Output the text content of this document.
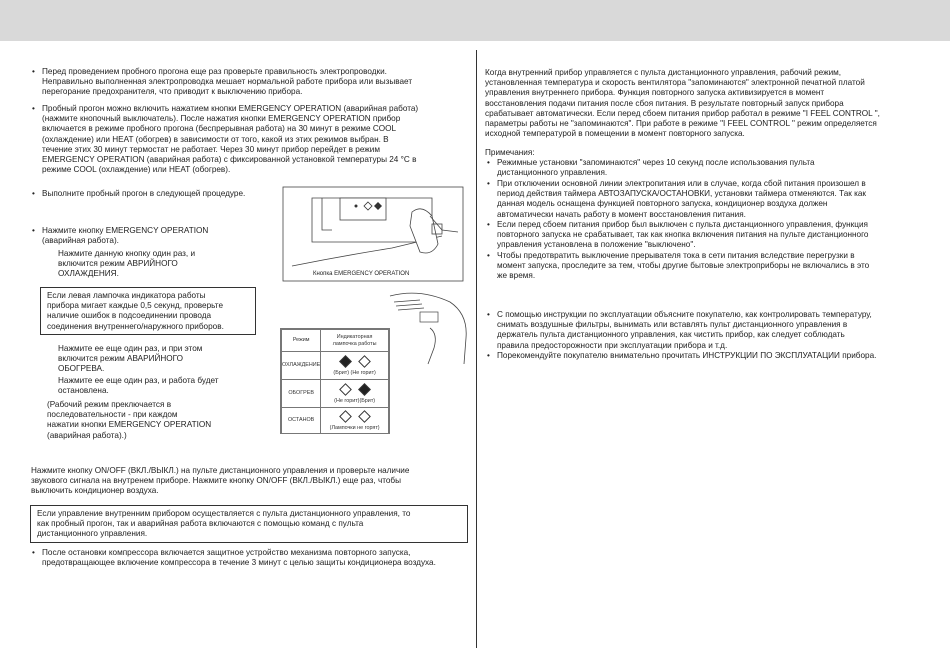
• Перед проведением пробного прогона еще раз проверьте правильность электропроводки.
Неправильно выполненная электропроводка мешает нормальной работе прибора или вызывает
перегорание предохранителя, что приводит к выключению прибора.
• Пробный прогон можно включить нажатием кнопки EMERGENCY OPERATION (аварийная работа)
(нажмите кнопочный выключатель). После нажатия кнопки EMERGENCY OPERATION прибор
включается в режиме пробного прогона (беспрерывная работа) на 30 минут в режиме COOL
(охлаждение) или HEAT (обогрев) в зависимости от того, какой из этих режимов выбран. В
течение этих 30 минут термостат не работает. Через 30 минут прибор перейдет в режим
EMERGENCY OPERATION (аварийная работа) с фиксированной установкой температуры 24 °С в
режиме COOL (охлаждение) или HEAT (обогрев).
• Выполните пробный прогон в следующей процедуре.
• Нажмите кнопку EMERGENCY OPERATION
(аварийная работа).
Нажмите данную кнопку один раз, и
включится режим АВРИЙНОГО
ОХЛАЖДЕНИЯ.
Если левая лампочка индикатора работы
прибора мигает каждые 0,5 секунд, проверьте
наличие ошибок в подсоединении провода
соединения внутреннего/наружного приборов.
Нажмите ее еще один раз, и при этом
включится режим АВАРИЙНОГО
ОБОГРЕВА.
Нажмите ее еще один раз, и работа будет
остановлена.
(Рабочий режим преключается в
последовательности - при каждом
нажатии кнопки EMERGENCY OPERATION
(аварийная работа).)
Нажмите кнопку ON/OFF (ВКЛ./ВЫКЛ.) на пульте дистанционного управления и проверьте наличие
звукового сигнала на внутренем приборе. Нажмите кнопку ON/OFF (ВКЛ./ВЫКЛ.) еще раз, чтобы
выключить кондиционер воздуха.
Если управление внутренним прибором осуществляется с пульта дистанционного управления, то
как пробный прогон, так и аварийная работа включаются с помощью команд с пульта
дистанционного управления.
• После остановки компрессора включается защитное устройство механизма повторного запуска,
предотвращающее включение компрессора в течение 3 минут с целью защиты кондиционера воздуха.
Кнопка EMERGENCY OPERATION
Режим	Индикаторная
лампочка работы
ОХЛАЖДЕНИЕ	(Брит) (Не горит)
ОБОГРЕВ	(Не горит)(Брит)
ОСТАНОВ	(Лампочки не горят)
Когда внутренний прибор управляется с пульта дистанционного управления, рабочий режим,
установленная температура и скорость вентилятора "запоминаются" электронной печатной платой
управления внутреннего прибора. Функция повторного запуска активизируется в момент
восстановления подачи питания после сбоя питания. В результате повторный запуск прибора
срабатывает автоматически. Если перед сбоем питания прибор работал в режиме "I FEEL CONTROL ",
параметры работы не "запоминаются". При работе в режиме "I FEEL CONTROL " режим определяется
исходной температурой в помещении в момент повторного запуска.
Примечания:
• Режимные установки "запоминаются" через 10 секунд после использования пульта
дистанционного управления.
• При отключении основной линии электропитания или в случае, когда сбой питания произошел в
период действия таймера АВТОЗАПУСКА/ОСТАНОВКИ, установки таймера отменяются. Так как
данная модель оснащена функцией повторного запуска, кондиционер воздуха должен
автоматически начать работу в момент восстановления питания.
• Если перед сбоем питания прибор был выключен с пульта дистанционного управления, функция
повторного запуска не срабатывает, так как кнопка включения питания на пульте дистанционного
управления установлена в положение "выключено".
• Чтобы предотвратить выключение прерывателя тока в сети питания вследствие перегрузки в
момент запуска, проследите за тем, чтобы другие бытовые электроприборы не включались в это
же время.
• С помощью инструкции по эксплуатации объясните покупателю, как контролировать температуру,
снимать воздушные фильтры, вынимать или вставлять пульт дистанционного управления в
держатель пульта дистанционного управления, как чистить прибор, как следует соблюдать
правила предосторожности при эксплуатации прибора и т.д.
• Порекомендуйте покупателю внимательно прочитать ИНСТРУКЦИИ ПО ЭКСПЛУАТАЦИИ прибора.
